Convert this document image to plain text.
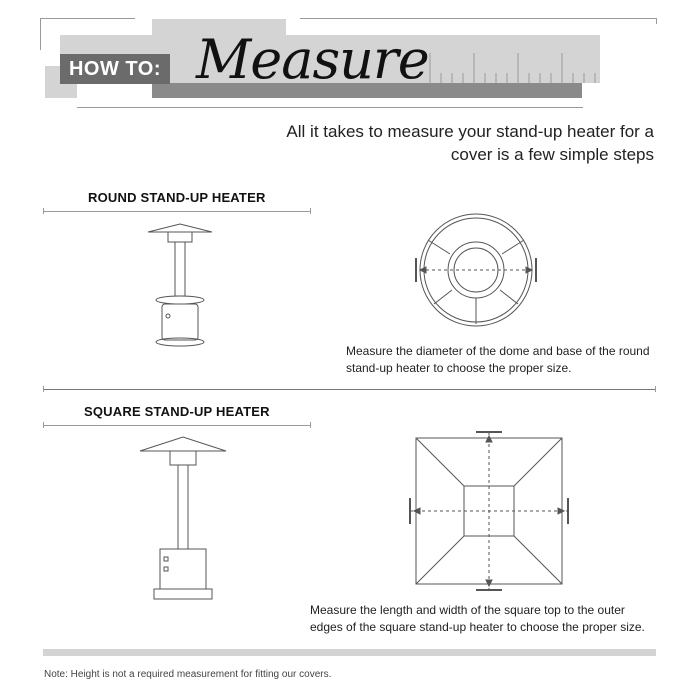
HOW TO: Measure
All it takes to measure your stand-up heater for a
cover is a few simple steps
ROUND STAND-UP HEATER
Measure the diameter of the dome and base of the round
stand-up heater to choose the proper size.
SQUARE STAND-UP HEATER
Measure the length and width of the square top to the outer
edges of the square stand-up heater to choose the proper size.
Note: Height is not a required measurement for fitting our covers.
